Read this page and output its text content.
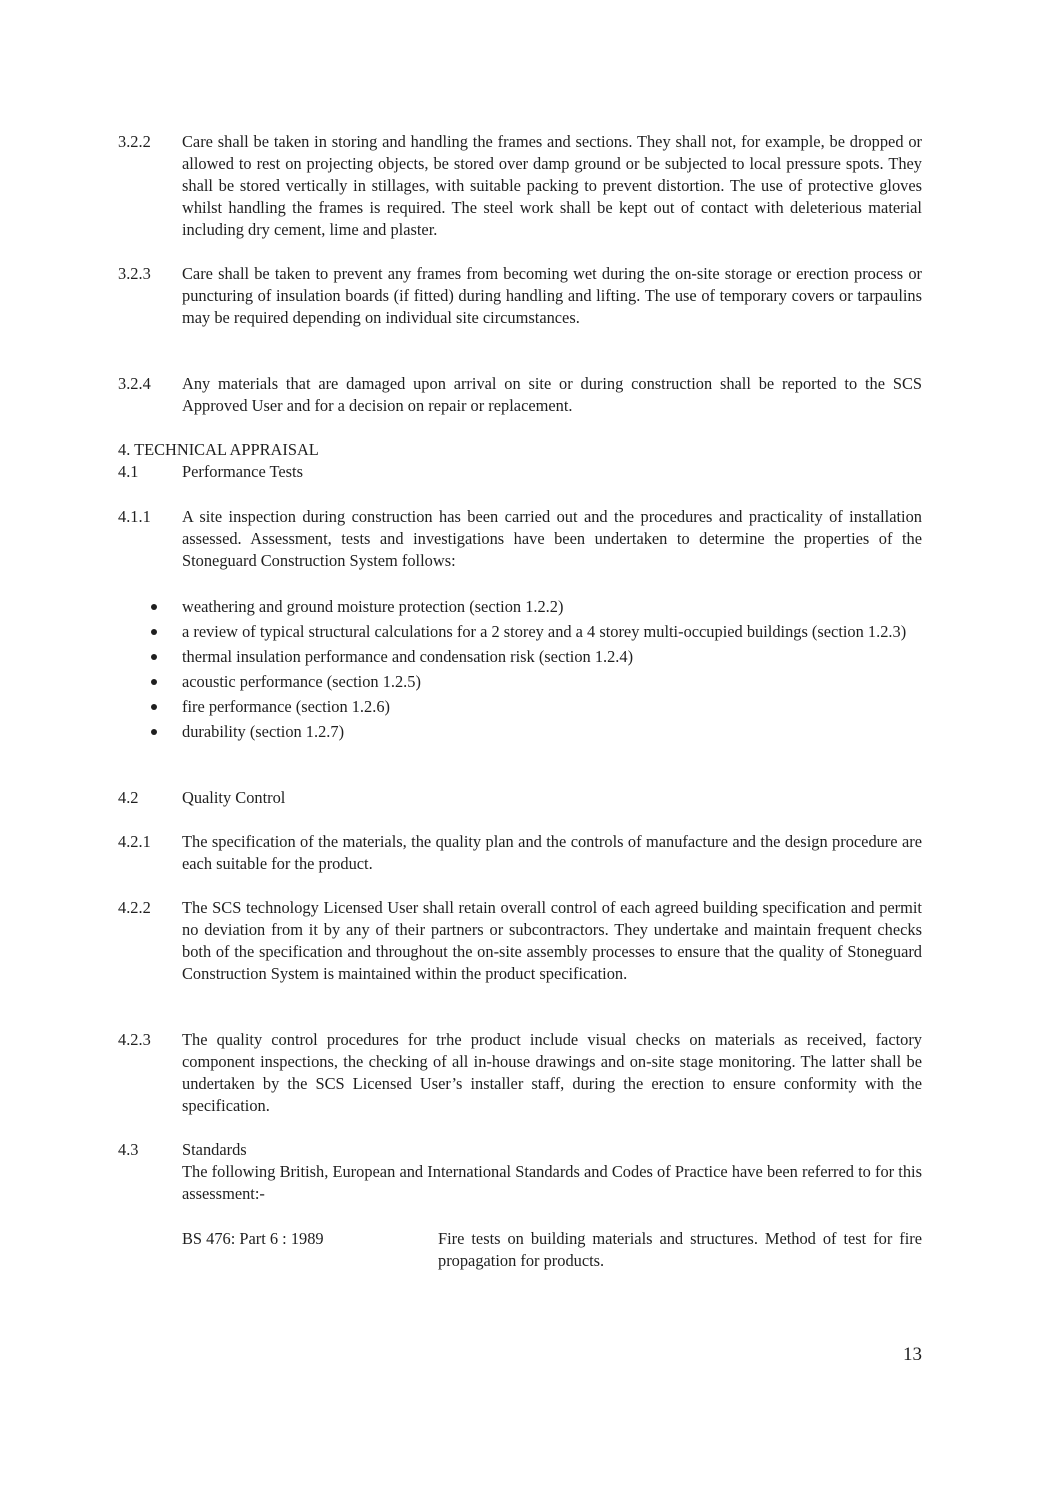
3.2.2	Care shall be taken in storing and handling the frames and sections. They shall not, for example, be dropped or allowed to rest on projecting objects, be stored over damp ground or be subjected to local pressure spots. They shall be stored vertically in stillages, with suitable packing to prevent distortion. The use of protective gloves whilst handling the frames is required. The steel work shall be kept out of contact with deleterious material including dry cement, lime and plaster.
3.2.3	Care shall be taken to prevent any frames from becoming wet during the on-site storage or erection process or puncturing of insulation boards (if fitted) during handling and lifting. The use of temporary covers or tarpaulins may be required depending on individual site circumstances.
3.2.4	Any materials that are damaged upon arrival on site or during construction shall be reported to the SCS Approved User and for a decision on repair or replacement.
4. TECHNICAL APPRAISAL
4.1	Performance Tests
4.1.1	A site inspection during construction has been carried out and the procedures and practicality of installation assessed. Assessment, tests and investigations have been undertaken to determine the properties of the Stoneguard Construction System follows:
weathering and ground moisture protection (section 1.2.2)
a review of typical structural calculations for a 2 storey and a 4 storey multi-occupied buildings (section 1.2.3)
thermal insulation performance and condensation risk (section 1.2.4)
acoustic performance (section 1.2.5)
fire performance (section 1.2.6)
durability (section 1.2.7)
4.2	Quality Control
4.2.1	The specification of the materials, the quality plan and the controls of manufacture and the design procedure are each suitable for the product.
4.2.2	The SCS technology Licensed User shall retain overall control of each agreed building specification and permit no deviation from it by any of their partners or subcontractors. They undertake and maintain frequent checks both of the specification and throughout the on-site assembly processes to ensure that the quality of Stoneguard Construction System is maintained within the product specification.
4.2.3	The quality control procedures for trhe product include visual checks on materials as received, factory component inspections, the checking of all in-house drawings and on-site stage monitoring. The latter shall be undertaken by the SCS Licensed User’s installer staff, during the erection to ensure conformity with the specification.
4.3	Standards
The following British, European and International Standards and Codes of Practice have been referred to for this assessment:-
BS 476: Part 6 : 1989	Fire tests on building materials and structures. Method of test for fire propagation for products.
13
